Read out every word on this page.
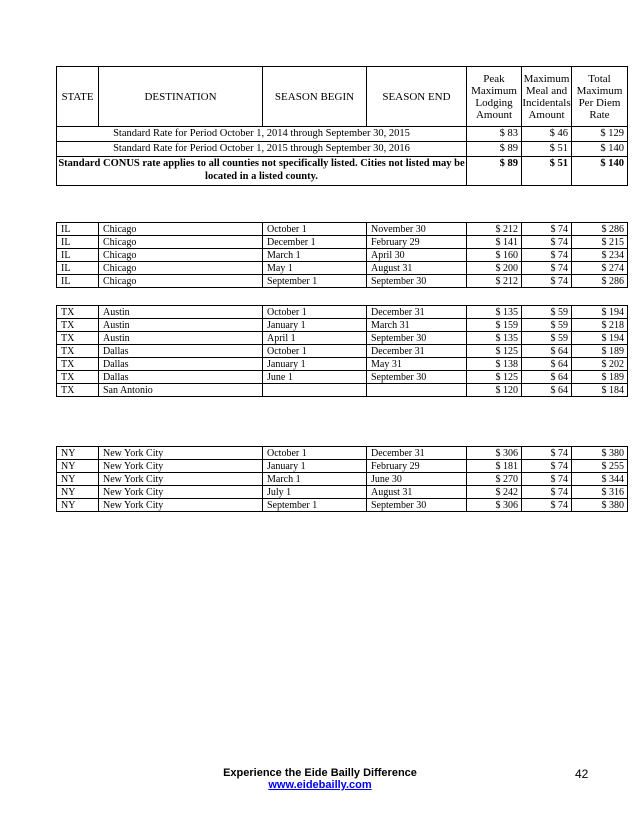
STATE	DESTINATION	SEASON BEGIN	SEASON END	Peak Maximum Lodging Amount	Maximum Meal and Incidentals Amount	Total Maximum Per Diem Rate
Standard Rate for Period October 1, 2014 through September 30, 2015				$ 83	$ 46	$ 129
Standard Rate for Period October 1, 2015 through September 30, 2016				$ 89	$ 51	$ 140
Standard CONUS rate applies to all counties not specifically listed. Cities not listed may be located in a listed county.				$ 89	$ 51	$ 140
IL	Chicago	October 1	November 30	$ 212	$ 74	$ 286
IL	Chicago	December 1	February 29	$ 141	$ 74	$ 215
IL	Chicago	March 1	April 30	$ 160	$ 74	$ 234
IL	Chicago	May 1	August 31	$ 200	$ 74	$ 274
IL	Chicago	September 1	September 30	$ 212	$ 74	$ 286
TX	Austin	October 1	December 31	$ 135	$ 59	$ 194
TX	Austin	January 1	March 31	$ 159	$ 59	$ 218
TX	Austin	April 1	September 30	$ 135	$ 59	$ 194
TX	Dallas	October 1	December 31	$ 125	$ 64	$ 189
TX	Dallas	January 1	May 31	$ 138	$ 64	$ 202
TX	Dallas	June 1	September 30	$ 125	$ 64	$ 189
TX	San Antonio			$ 120	$ 64	$ 184
NY	New York City	October 1	December 31	$ 306	$ 74	$ 380
NY	New York City	January 1	February 29	$ 181	$ 74	$ 255
NY	New York City	March 1	June 30	$ 270	$ 74	$ 344
NY	New York City	July 1	August 31	$ 242	$ 74	$ 316
NY	New York City	September 1	September 30	$ 306	$ 74	$ 380
Experience the Eide Bailly Difference
www.eidebailly.com
42
